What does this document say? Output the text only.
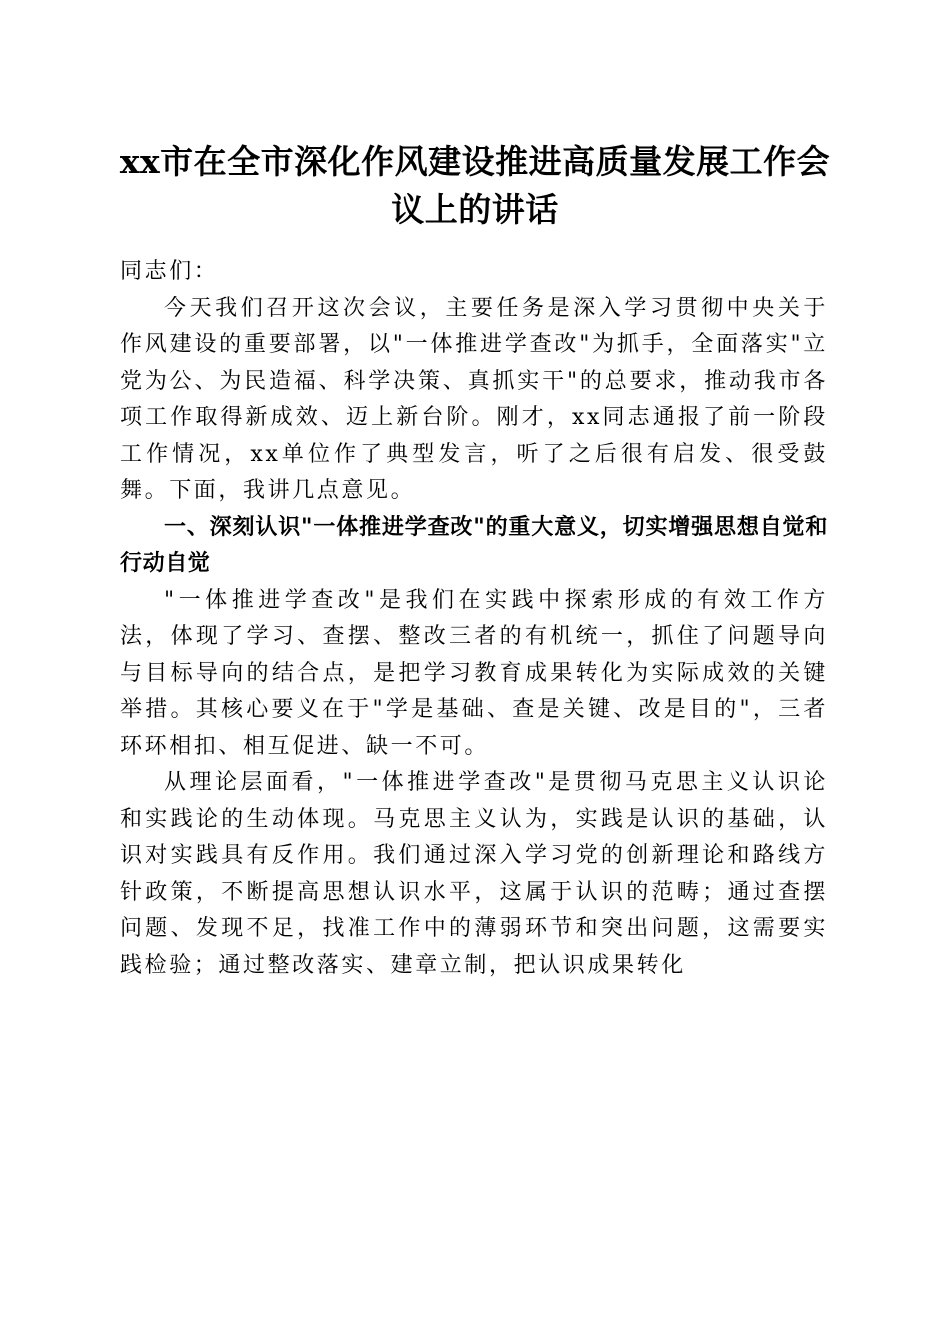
xx市在全市深化作风建设推进高质量发展工作会议上的讲话

同志们：

今天我们召开这次会议，主要任务是深入学习贯彻中央关于作风建设的重要部署，以"一体推进学查改"为抓手，全面落实"立党为公、为民造福、科学决策、真抓实干"的总要求，推动我市各项工作取得新成效、迈上新台阶。刚才，xx同志通报了前一阶段工作情况，xx单位作了典型发言，听了之后很有启发、很受鼓舞。下面，我讲几点意见。

一、深刻认识"一体推进学查改"的重大意义，切实增强思想自觉和行动自觉

"一体推进学查改"是我们在实践中探索形成的有效工作方法，体现了学习、查摆、整改三者的有机统一，抓住了问题导向与目标导向的结合点，是把学习教育成果转化为实际成效的关键举措。其核心要义在于"学是基础、查是关键、改是目的"，三者环环相扣、相互促进、缺一不可。

从理论层面看，"一体推进学查改"是贯彻马克思主义认识论和实践论的生动体现。马克思主义认为，实践是认识的基础，认识对实践具有反作用。我们通过深入学习党的创新理论和路线方针政策，不断提高思想认识水平，这属于认识的范畴；通过查摆问题、发现不足，找准工作中的薄弱环节和突出问题，这需要实践检验；通过整改落实、建章立制，把认识成果转化
